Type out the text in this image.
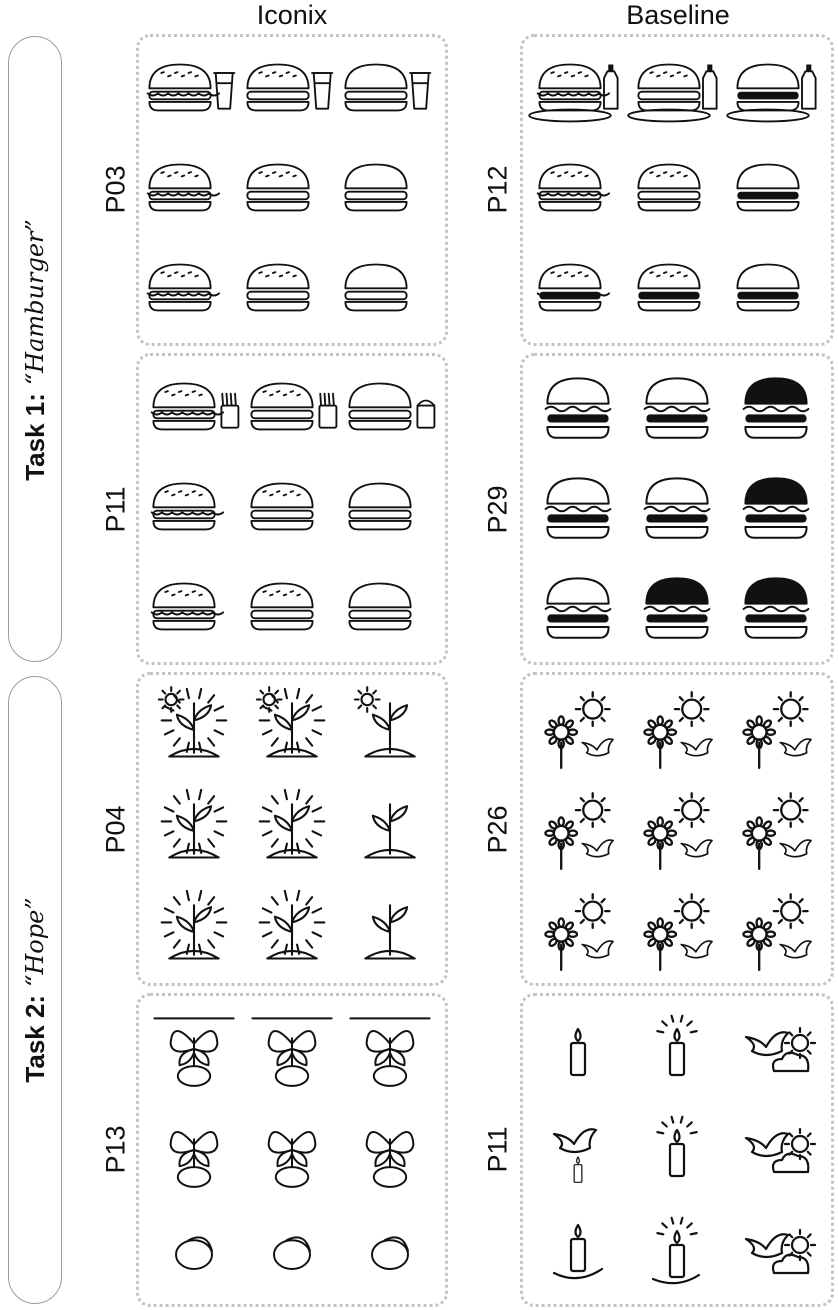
Iconix	Baseline
Task 1:
“Hamburger”
Task 2:
“Hope”
P03
P11
P04
P13
P12
P29
P26
P11
